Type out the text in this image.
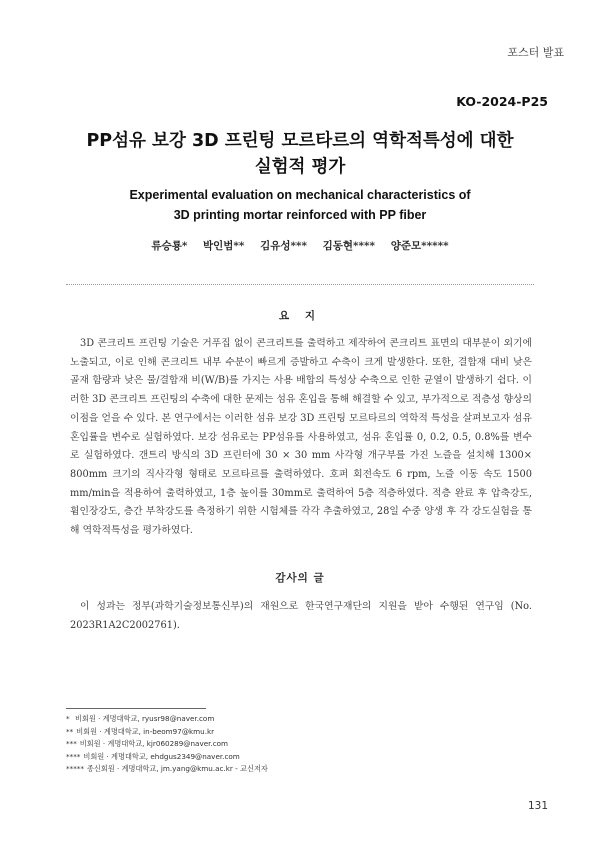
포스터 발표
KO-2024-P25
PP섬유 보강 3D 프린팅 모르타르의 역학적특성에 대한
실험적 평가
Experimental evaluation on mechanical characteristics of
3D printing mortar reinforced with PP fiber
류승룡* 박인범** 김유성*** 김동현**** 양준모*****
요 지
3D 콘크리트 프린팅 기술은 거푸집 없이 콘크리트를 출력하고 제작하여 콘크리트 표면의 대부분이 외기에 노출되고, 이로 인해 콘크리트 내부 수분이 빠르게 증발하고 수축이 크게 발생한다. 또한, 결합재 대비 낮은 골재 함량과 낮은 물/결합재 비(W/B)를 가지는 사용 배합의 특성상 수축으로 인한 균열이 발생하기 쉽다. 이러한 3D 콘크리트 프린팅의 수축에 대한 문제는 섬유 혼입을 통해 해결할 수 있고, 부가적으로 적층성 향상의 이점을 얻을 수 있다. 본 연구에서는 이러한 섬유 보강 3D 프린팅 모르타르의 역학적 특성을 살펴보고자 섬유 혼입률을 변수로 실험하였다. 보강 섬유로는 PP섬유를 사용하였고, 섬유 혼입률 0, 0.2, 0.5, 0.8%를 변수로 실험하였다. 갠트리 방식의 3D 프린터에 30 × 30 mm 사각형 개구부를 가진 노즐을 설치해 1300× 800mm 크기의 직사각형 형태로 모르타르를 출력하였다. 호퍼 회전속도 6 rpm, 노즐 이동 속도 1500 mm/min을 적용하여 출력하였고, 1층 높이를 30mm로 출력하여 5층 적층하였다. 적층 완료 후 압축강도, 휨인장강도, 층간 부착강도를 측정하기 위한 시험체를 각각 추출하였고, 28일 수중 양생 후 각 강도실험을 통해 역학적특성을 평가하였다.
감사의 글
이 성과는 정부(과학기술정보통신부)의 재원으로 한국연구재단의 지원을 받아 수행된 연구임 (No. 2023R1A2C2002761).
* 비회원 · 계명대학교, ryusr98@naver.com
** 비회원 · 계명대학교, in-beom97@kmu.kr
*** 비회원 · 계명대학교, kjr060289@naver.com
**** 비회원 · 계명대학교, ehdgus2349@naver.com
***** 종신회원 · 계명대학교, jm.yang@kmu.ac.kr - 교신저자
131
